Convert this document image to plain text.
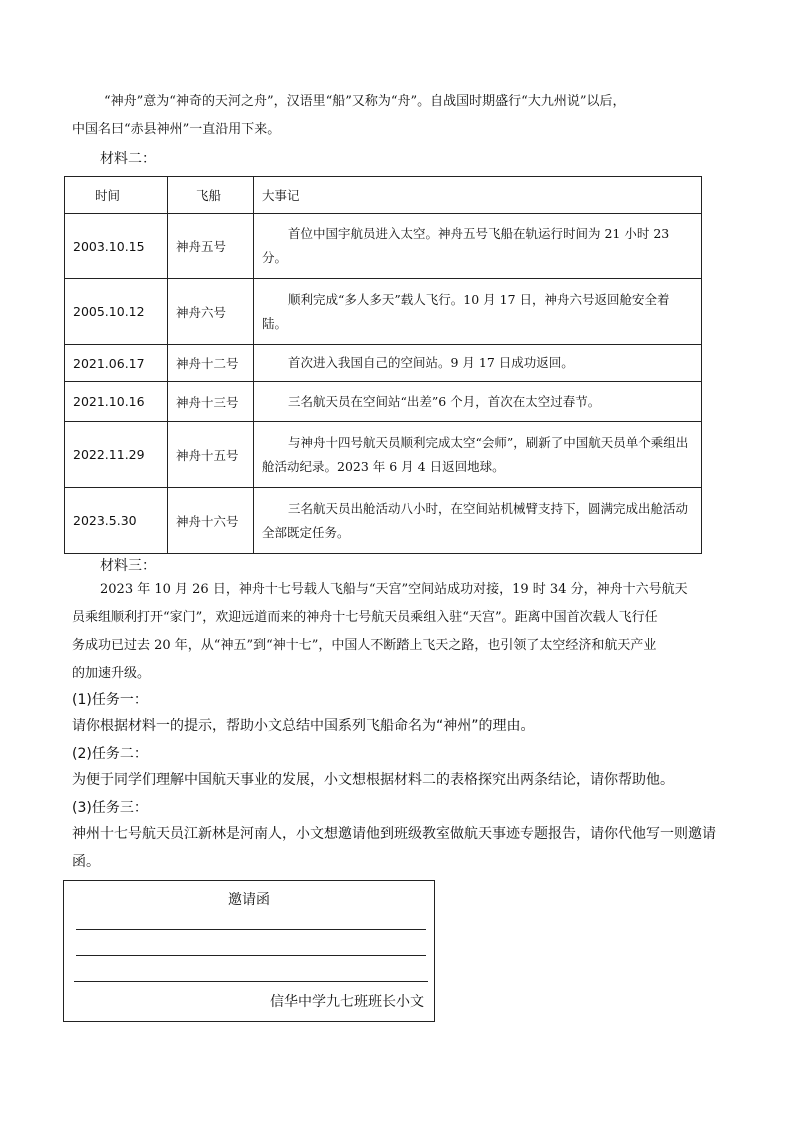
“神舟”意为“神奇的天河之舟”，汉语里“船”又称为“舟”。自战国时期盛行“大九州说”以后，
中国名曰“赤县神州”一直沿用下来。
材料二：
时间	飞船	大事记
2003.10.15	神舟五号	首位中国宇航员进入太空。神舟五号飞船在轨运行时间为 21 小时 23 分。

2005.10.12	神舟六号	顺利完成“多人多天”载人飞行。10 月 17 日，神舟六号返回舱安全着陆。

2021.06.17	神舟十二号	首次进入我国自己的空间站。9 月 17 日成功返回。

2021.10.16	神舟十三号	三名航天员在空间站“出差”6 个月，首次在太空过春节。

2022.11.29	神舟十五号	与神舟十四号航天员顺利完成太空“会师”，刷新了中国航天员单个乘组出舱活动纪录。2023 年 6 月 4 日返回地球。

2023.5.30	神舟十六号	三名航天员出舱活动八小时，在空间站机械臂支持下，圆满完成出舱活动全部既定任务。
材料三：
2023 年 10 月 26 日，神舟十七号载人飞船与“天宫”空间站成功对接，19 时 34 分，神舟十六号航天
员乘组顺利打开“家门”，欢迎远道而来的神舟十七号航天员乘组入驻“天宫”。距离中国首次载人飞行任
务成功已过去 20 年，从“神五”到“神十七”，中国人不断踏上飞天之路，也引领了太空经济和航天产业
的加速升级。
(1)任务一：
请你根据材料一的提示，帮助小文总结中国系列飞船命名为“神州”的理由。
(2)任务二：
为便于同学们理解中国航天事业的发展，小文想根据材料二的表格探究出两条结论，请你帮助他。
(3)任务三：
神州十七号航天员江新林是河南人，小文想邀请他到班级教室做航天事迹专题报告，请你代他写一则邀请
函。
邀请函
信华中学九七班班长小文
